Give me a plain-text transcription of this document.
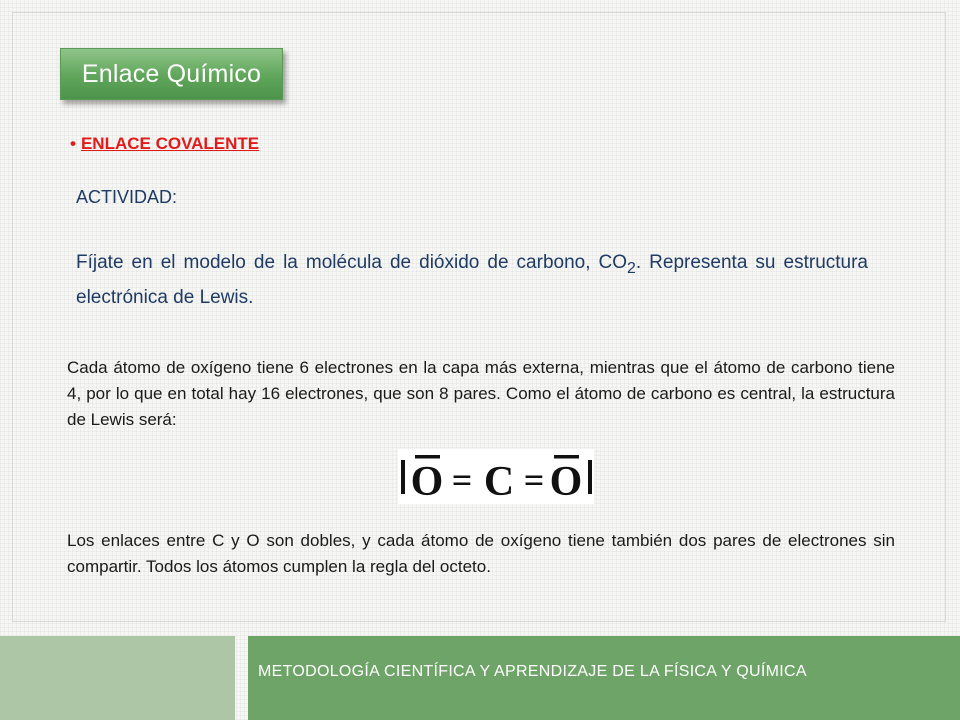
Enlace Químico
• ENLACE COVALENTE
ACTIVIDAD:
Fíjate en el modelo de la molécula de dióxido de carbono, $CO_2$. Representa su estructura electrónica de Lewis.
Cada átomo de oxígeno tiene 6 electrones en la capa más externa, mientras que el átomo de carbono tiene 4, por lo que en total hay 16 electrones, que son 8 pares. Como el átomo de carbono es central, la estructura de Lewis será:
O = C = O
Los enlaces entre C y O son dobles, y cada átomo de oxígeno tiene también dos pares de electrones sin compartir. Todos los átomos cumplen la regla del octeto.
METODOLOGÍA CIENTÍFICA Y APRENDIZAJE DE LA FÍSICA Y QUÍMICA
